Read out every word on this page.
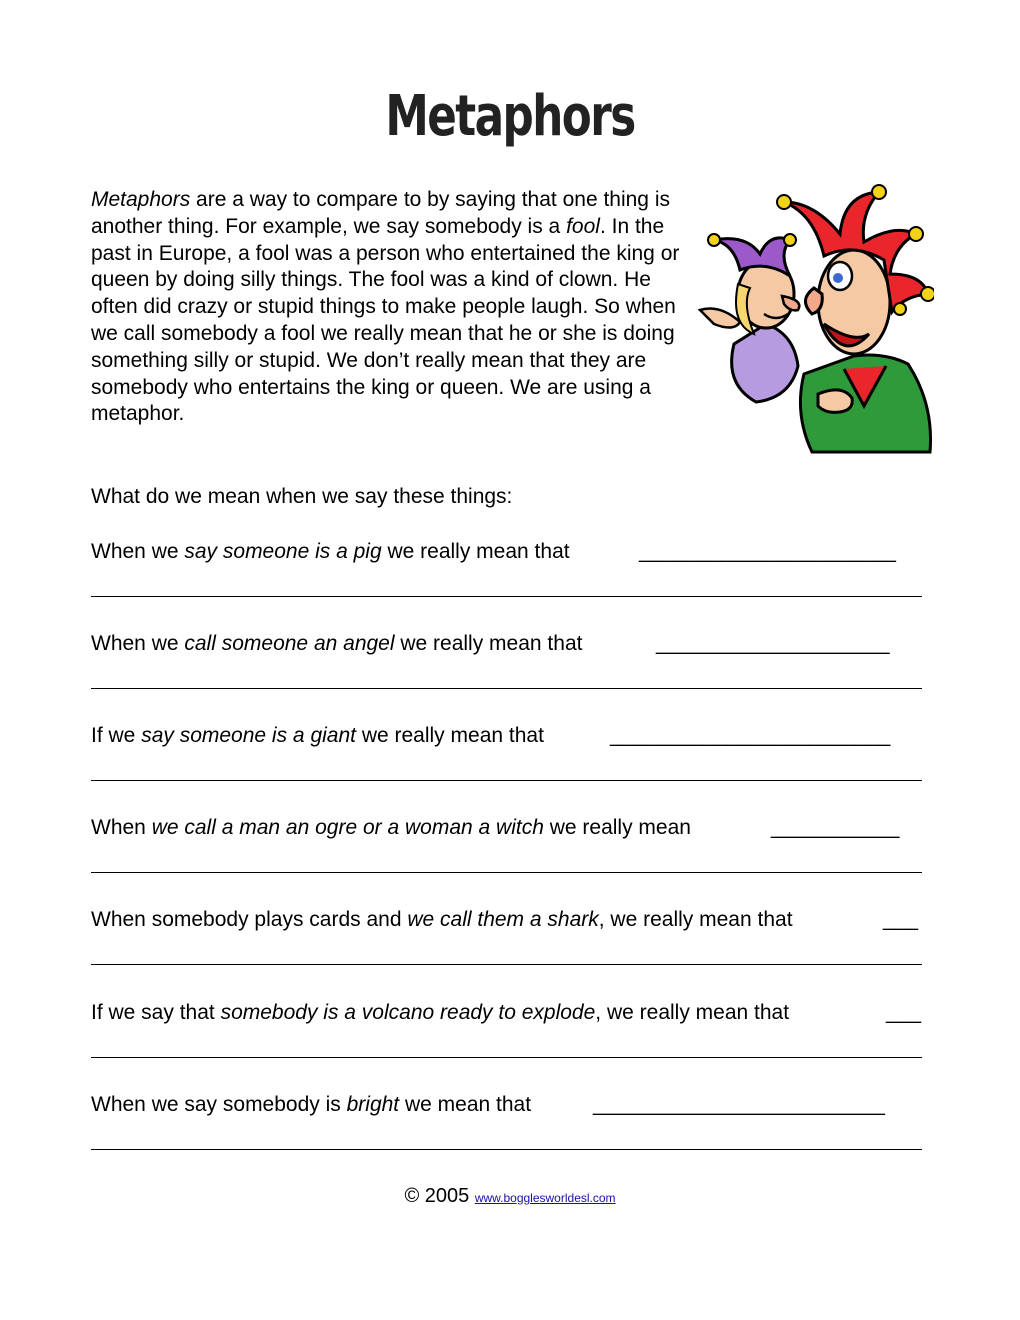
Metaphors
Metaphors are a way to compare to by saying that one thing is another thing. For example, we say somebody is a fool. In the past in Europe, a fool was a person who entertained the king or queen by doing silly things. The fool was a kind of clown. He often did crazy or stupid things to make people laugh. So when we call somebody a fool we really mean that he or she is doing something silly or stupid. We don’t really mean that they are somebody who entertains the king or queen. We are using a metaphor.
What do we mean when we say these things:
When we say someone is a pig we really mean that	______________________
When we call someone an angel we really mean that	____________________
If we say someone is a giant we really mean that	________________________
When we call a man an ogre or a woman a witch we really mean	___________
When somebody plays cards and we call them a shark, we really mean that	___
If we say that somebody is a volcano ready to explode, we really mean that	___
When we say somebody is bright we mean that	_________________________
© 2005 www.bogglesworldesl.com
